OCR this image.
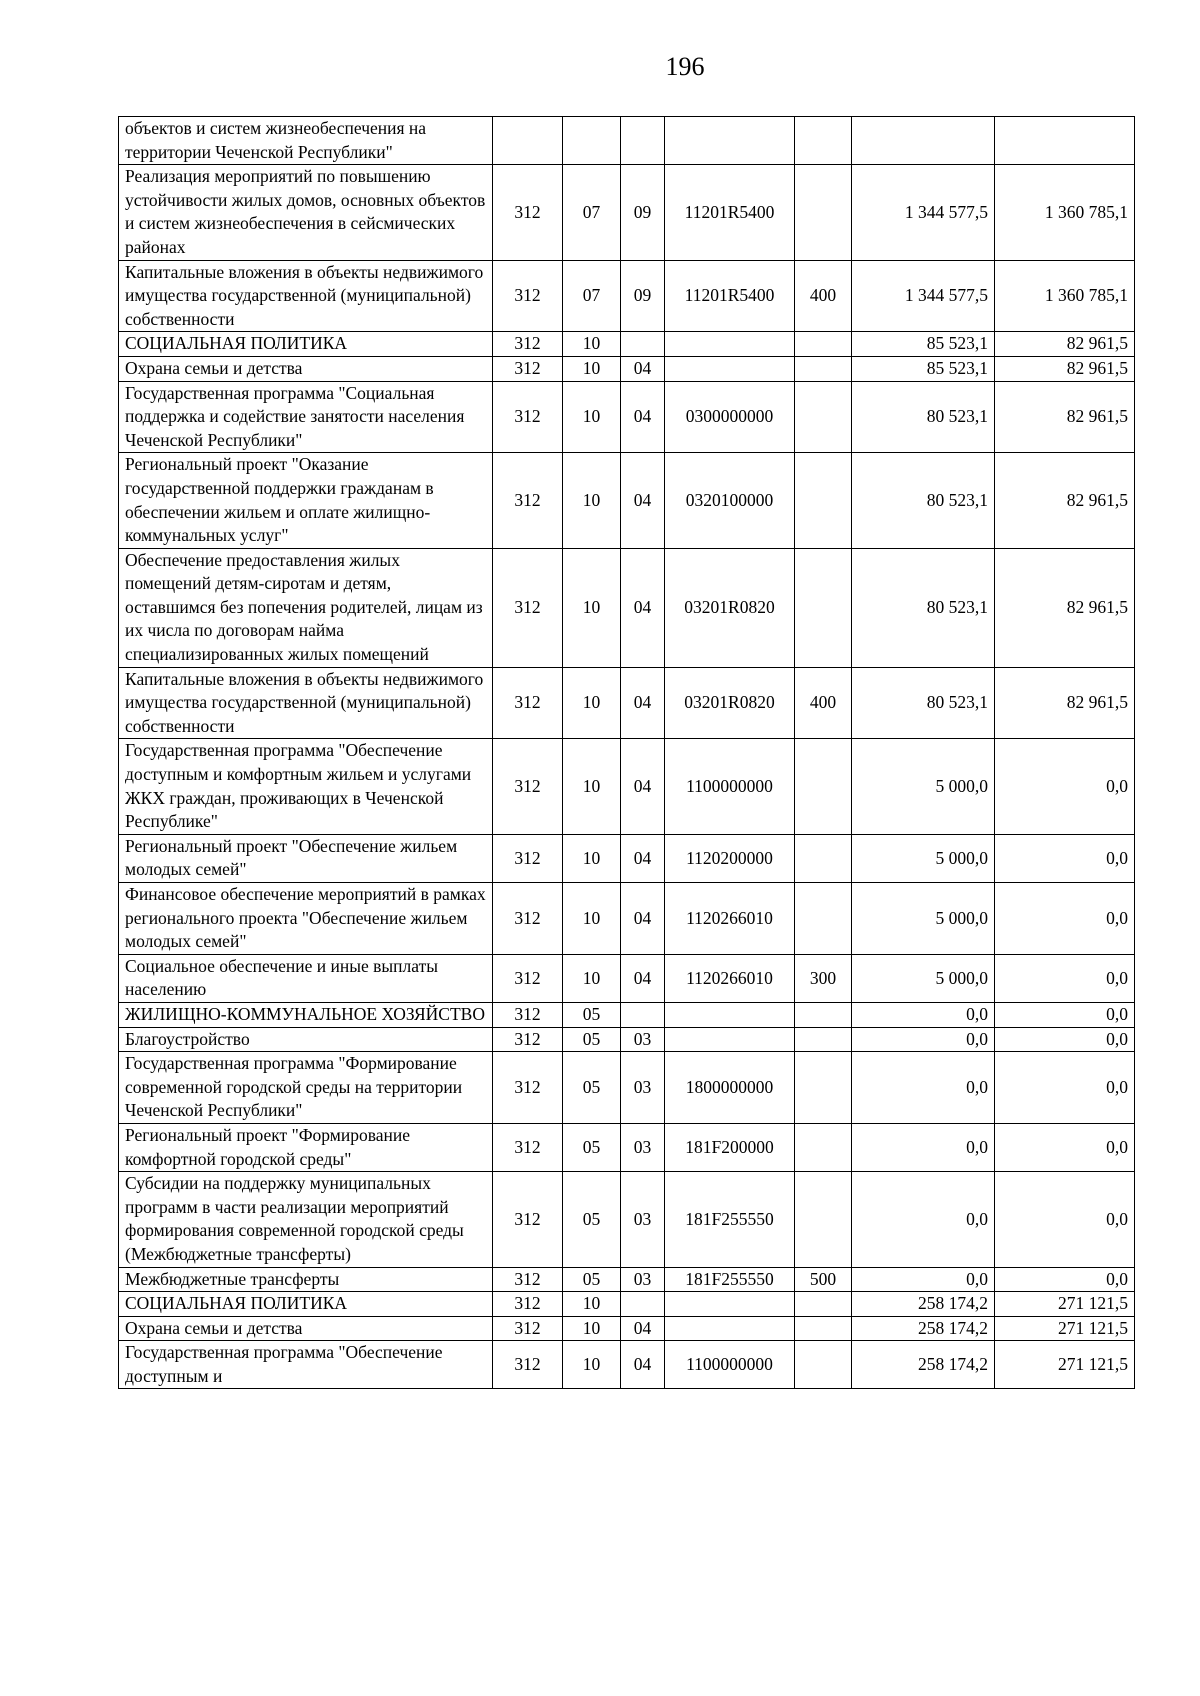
196
объектов и систем жизнеобеспечения на территории Чеченской Республики"							
Реализация мероприятий по повышению устойчивости жилых домов, основных объектов и систем жизнеобеспечения в сейсмических районах	312	07	09	11201R5400		1 344 577,5	1 360 785,1
Капитальные вложения в объекты недвижимого имущества государственной (муниципальной) собственности	312	07	09	11201R5400	400	1 344 577,5	1 360 785,1
СОЦИАЛЬНАЯ ПОЛИТИКА	312	10				85 523,1	82 961,5
Охрана семьи и детства	312	10	04			85 523,1	82 961,5
Государственная программа "Социальная поддержка и содействие занятости населения Чеченской Республики"	312	10	04	0300000000		80 523,1	82 961,5
Региональный проект "Оказание государственной поддержки гражданам в обеспечении жильем и оплате жилищно-коммунальных услуг"	312	10	04	0320100000		80 523,1	82 961,5
Обеспечение предоставления жилых помещений детям-сиротам и детям, оставшимся без попечения родителей, лицам из их числа по договорам найма специализированных жилых помещений	312	10	04	03201R0820		80 523,1	82 961,5
Капитальные вложения в объекты недвижимого имущества государственной (муниципальной) собственности	312	10	04	03201R0820	400	80 523,1	82 961,5
Государственная программа "Обеспечение доступным и комфортным жильем и услугами ЖКХ граждан, проживающих в Чеченской Республике"	312	10	04	1100000000		5 000,0	0,0
Региональный проект "Обеспечение жильем молодых семей"	312	10	04	1120200000		5 000,0	0,0
Финансовое обеспечение мероприятий в рамках регионального проекта "Обеспечение жильем молодых семей"	312	10	04	1120266010		5 000,0	0,0
Социальное обеспечение и иные выплаты населению	312	10	04	1120266010	300	5 000,0	0,0
ЖИЛИЩНО-КОММУНАЛЬНОЕ ХОЗЯЙСТВО	312	05				0,0	0,0
Благоустройство	312	05	03			0,0	0,0
Государственная программа "Формирование современной городской среды на территории Чеченской Республики"	312	05	03	1800000000		0,0	0,0
Региональный проект "Формирование комфортной городской среды"	312	05	03	181F200000		0,0	0,0
Субсидии на поддержку муниципальных программ в части реализации мероприятий формирования современной городской среды (Межбюджетные трансферты)	312	05	03	181F255550		0,0	0,0
Межбюджетные трансферты	312	05	03	181F255550	500	0,0	0,0
СОЦИАЛЬНАЯ ПОЛИТИКА	312	10				258 174,2	271 121,5
Охрана семьи и детства	312	10	04			258 174,2	271 121,5
Государственная программа "Обеспечение доступным и	312	10	04	1100000000		258 174,2	271 121,5
